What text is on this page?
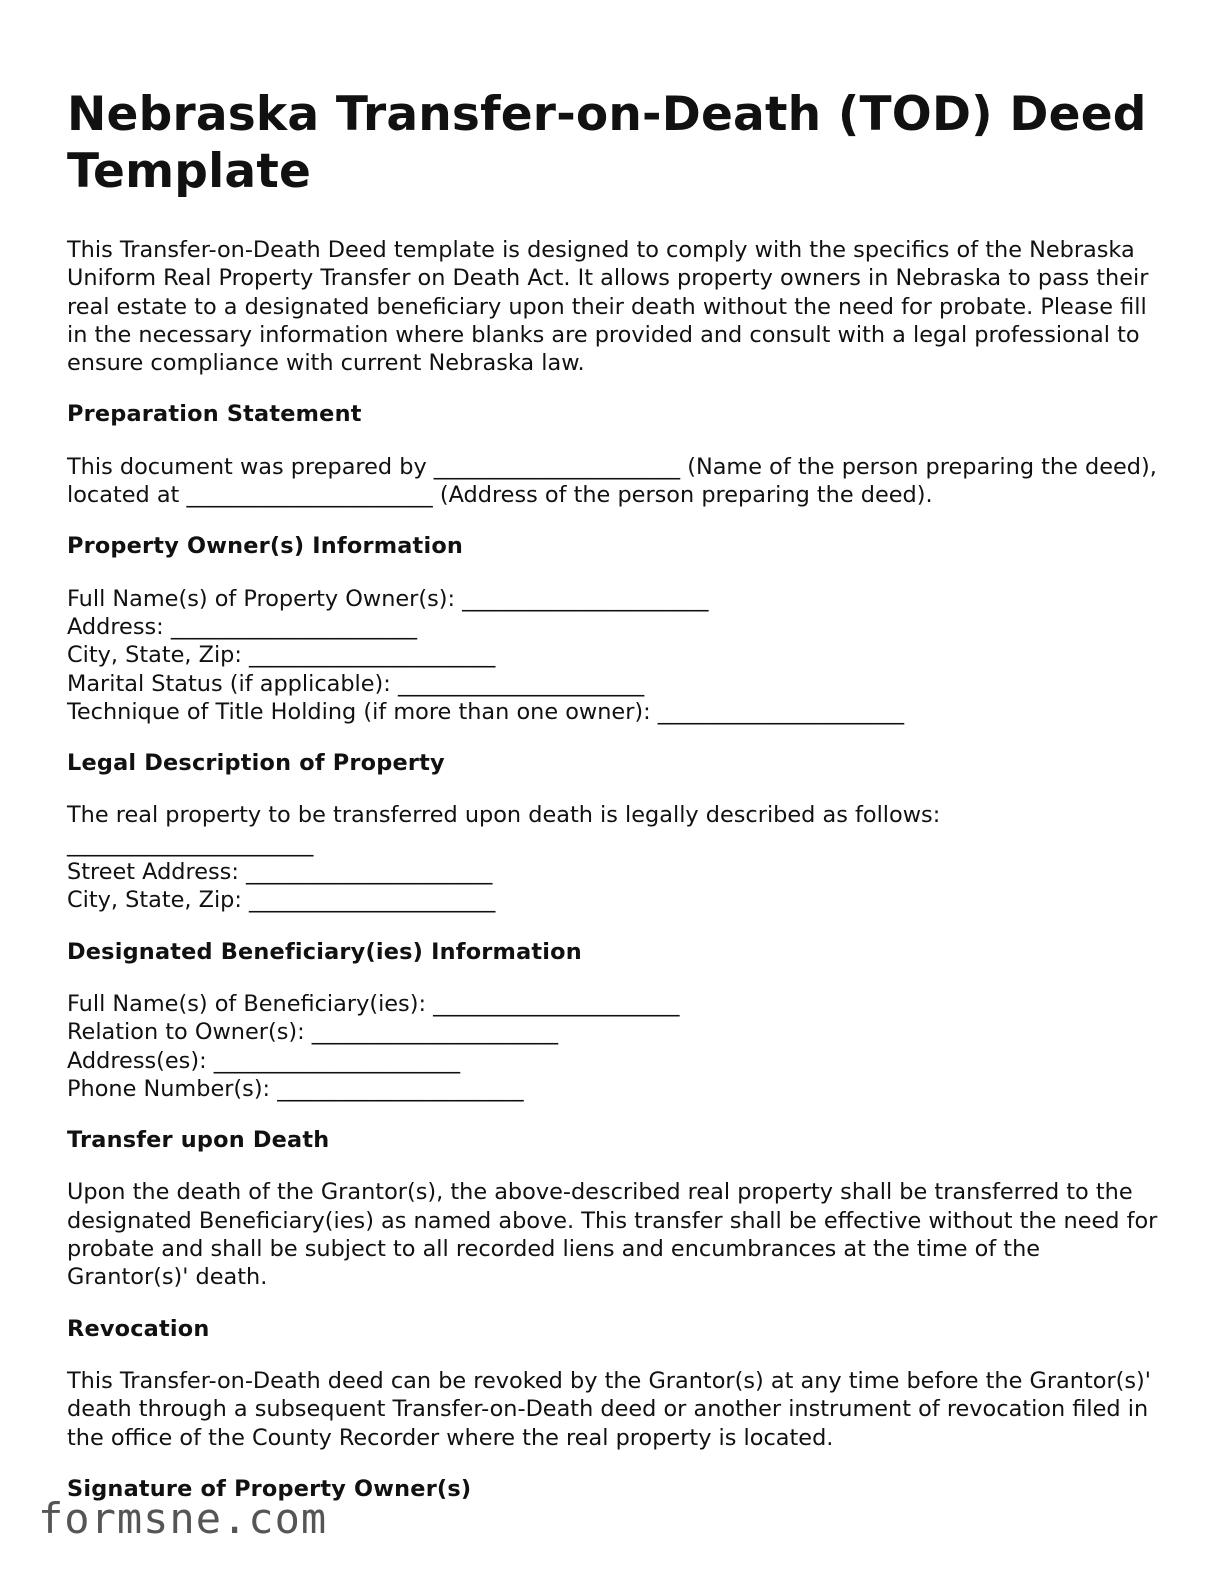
Nebraska Transfer-on-Death (TOD) Deed Template

This Transfer-on-Death Deed template is designed to comply with the specifics of the Nebraska Uniform Real Property Transfer on Death Act. It allows property owners in Nebraska to pass their real estate to a designated beneficiary upon their death without the need for probate. Please fill in the necessary information where blanks are provided and consult with a legal professional to ensure compliance with current Nebraska law.

Preparation Statement

This document was prepared by ______________________ (Name of the person preparing the deed), located at ______________________ (Address of the person preparing the deed).

Property Owner(s) Information
Full Name(s) of Property Owner(s): ______________________
Address: ______________________
City, State, Zip: ______________________
Marital Status (if applicable): ______________________
Technique of Title Holding (if more than one owner): ______________________
Legal Description of Property
The real property to be transferred upon death is legally described as follows:
______________________
Street Address: ______________________
City, State, Zip: ______________________
Designated Beneficiary(ies) Information
Full Name(s) of Beneficiary(ies): ______________________
Relation to Owner(s): ______________________
Address(es): ______________________
Phone Number(s): ______________________
Transfer upon Death

Upon the death of the Grantor(s), the above-described real property shall be transferred to the designated Beneficiary(ies) as named above. This transfer shall be effective without the need for probate and shall be subject to all recorded liens and encumbrances at the time of the Grantor(s)' death.

Revocation

This Transfer-on-Death deed can be revoked by the Grantor(s) at any time before the Grantor(s)' death through a subsequent Transfer-on-Death deed or another instrument of revocation filed in the office of the County Recorder where the real property is located.

Signature of Property Owner(s)
formsne.com
